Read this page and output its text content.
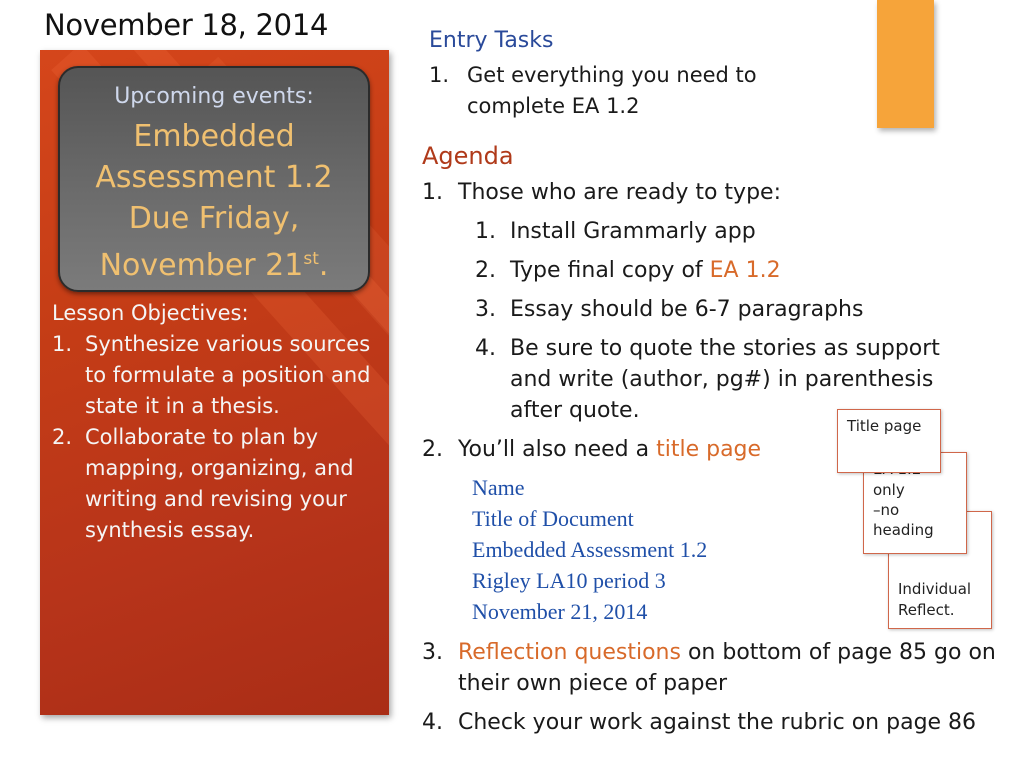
November 18, 2014
Upcoming events:
Embedded
Assessment 1.2
Due Friday,
November 21st.
Lesson Objectives:
1. Synthesize various sources to formulate a position and state it in a thesis.
2. Collaborate to plan by mapping, organizing, and writing and revising your synthesis essay.
Entry Tasks
1. Get everything you need to complete EA 1.2
Agenda
1. Those who are ready to type:
1. Install Grammarly app
2. Type final copy of EA 1.2
3. Essay should be 6-7 paragraphs
4. Be sure to quote the stories as support and write (author, pg#) in parenthesis after quote.
2. You’ll also need a title page
Name
Title of Document
Embedded Assessment 1.2
Rigley LA10 period 3
November 21, 2014
Individual
Reflect.
only
–no
heading
Title page
3. Reflection questions on bottom of page 85 go on their own piece of paper
4. Check your work against the rubric on page 86
